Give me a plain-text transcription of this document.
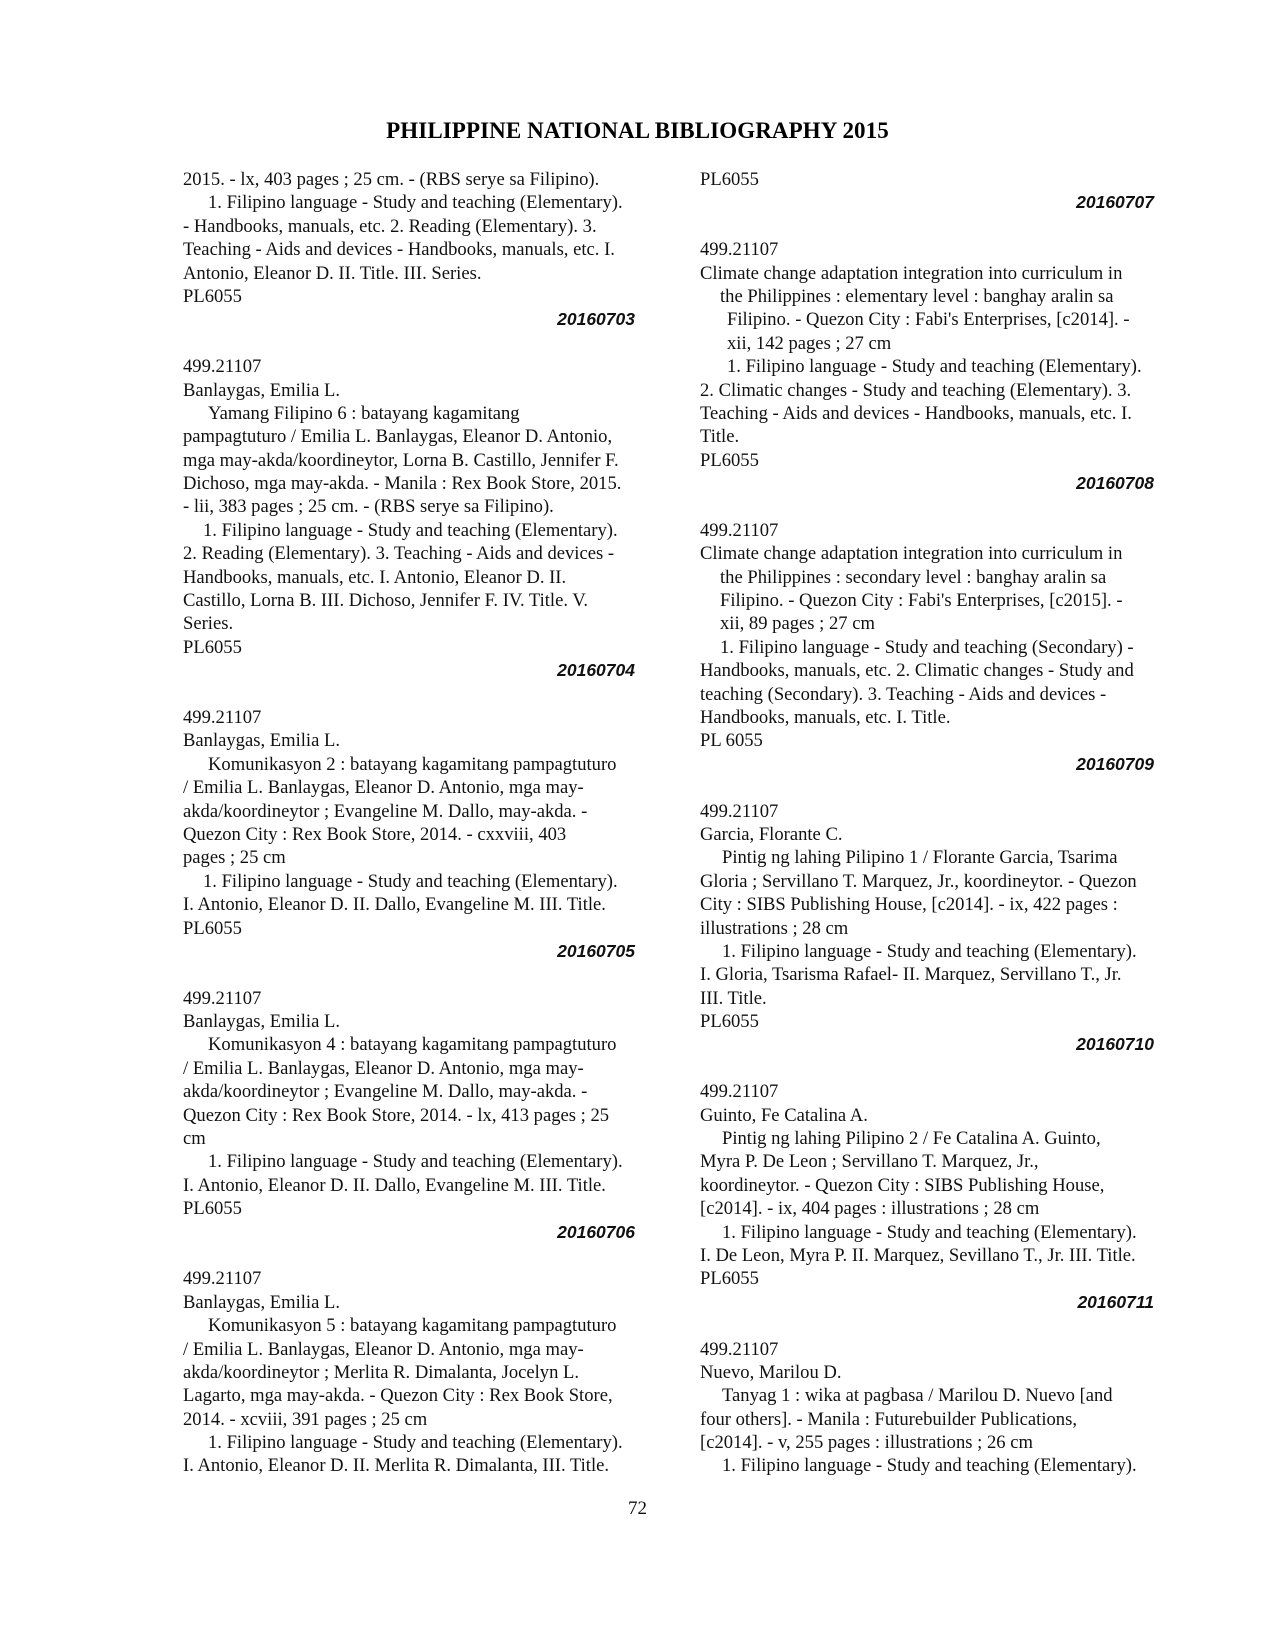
PHILIPPINE NATIONAL BIBLIOGRAPHY 2015
2015. - lx, 403 pages ; 25 cm. - (RBS serye sa Filipino).
1. Filipino language - Study and teaching (Elementary).
- Handbooks, manuals, etc. 2. Reading (Elementary). 3.
Teaching - Aids and devices - Handbooks, manuals, etc. I.
Antonio, Eleanor D. II. Title. III. Series.
PL6055
20160703
499.21107
Banlaygas, Emilia L.
Yamang Filipino 6 : batayang kagamitang
pampagtuturo / Emilia L. Banlaygas, Eleanor D. Antonio,
mga may-akda/koordineytor, Lorna B. Castillo, Jennifer F.
Dichoso, mga may-akda. - Manila : Rex Book Store, 2015.
- lii, 383 pages ; 25 cm. - (RBS serye sa Filipino).
1. Filipino language - Study and teaching (Elementary).
2. Reading (Elementary). 3. Teaching - Aids and devices -
Handbooks, manuals, etc. I. Antonio, Eleanor D. II.
Castillo, Lorna B. III. Dichoso, Jennifer F. IV. Title. V.
Series.
PL6055
20160704
499.21107
Banlaygas, Emilia L.
Komunikasyon 2 : batayang kagamitang pampagtuturo
/ Emilia L. Banlaygas, Eleanor D. Antonio, mga may-
akda/koordineytor ; Evangeline M. Dallo, may-akda. -
Quezon City : Rex Book Store, 2014. - cxxviii, 403
pages ; 25 cm
1. Filipino language - Study and teaching (Elementary).
I. Antonio, Eleanor D. II. Dallo, Evangeline M. III. Title.
PL6055
20160705
499.21107
Banlaygas, Emilia L.
Komunikasyon 4 : batayang kagamitang pampagtuturo
/ Emilia L. Banlaygas, Eleanor D. Antonio, mga may-
akda/koordineytor ; Evangeline M. Dallo, may-akda. -
Quezon City : Rex Book Store, 2014. - lx, 413 pages ; 25
cm
1. Filipino language - Study and teaching (Elementary).
I. Antonio, Eleanor D. II. Dallo, Evangeline M. III. Title.
PL6055
20160706
499.21107
Banlaygas, Emilia L.
Komunikasyon 5 : batayang kagamitang pampagtuturo
/ Emilia L. Banlaygas, Eleanor D. Antonio, mga may-
akda/koordineytor ; Merlita R. Dimalanta, Jocelyn L.
Lagarto, mga may-akda. - Quezon City : Rex Book Store,
2014. - xcviii, 391 pages ; 25 cm
1. Filipino language - Study and teaching (Elementary).
I. Antonio, Eleanor D. II. Merlita R. Dimalanta, III. Title.
PL6055
20160707
499.21107
Climate change adaptation integration into curriculum in
the Philippines : elementary level : banghay aralin sa
Filipino. - Quezon City : Fabi's Enterprises, [c2014]. -
xii, 142 pages ; 27 cm
1. Filipino language - Study and teaching (Elementary).
2. Climatic changes - Study and teaching (Elementary). 3.
Teaching - Aids and devices - Handbooks, manuals, etc. I.
Title.
PL6055
20160708
499.21107
Climate change adaptation integration into curriculum in
the Philippines : secondary level : banghay aralin sa
Filipino. - Quezon City : Fabi's Enterprises, [c2015]. -
xii, 89 pages ; 27 cm
1. Filipino language - Study and teaching (Secondary) -
Handbooks, manuals, etc. 2. Climatic changes - Study and
teaching (Secondary). 3. Teaching - Aids and devices -
Handbooks, manuals, etc. I. Title.
PL 6055
20160709
499.21107
Garcia, Florante C.
Pintig ng lahing Pilipino 1 / Florante Garcia, Tsarima
Gloria ; Servillano T. Marquez, Jr., koordineytor. - Quezon
City : SIBS Publishing House, [c2014]. - ix, 422 pages :
illustrations ; 28 cm
1. Filipino language - Study and teaching (Elementary).
I. Gloria, Tsarisma Rafael- II. Marquez, Servillano T., Jr.
III. Title.
PL6055
20160710
499.21107
Guinto, Fe Catalina A.
Pintig ng lahing Pilipino 2 / Fe Catalina A. Guinto,
Myra P. De Leon ; Servillano T. Marquez, Jr.,
koordineytor. - Quezon City : SIBS Publishing House,
[c2014]. - ix, 404 pages : illustrations ; 28 cm
1. Filipino language - Study and teaching (Elementary).
I. De Leon, Myra P. II. Marquez, Sevillano T., Jr. III. Title.
PL6055
20160711
499.21107
Nuevo, Marilou D.
Tanyag 1 : wika at pagbasa / Marilou D. Nuevo [and
four others]. - Manila : Futurebuilder Publications,
[c2014]. - v, 255 pages : illustrations ; 26 cm
1. Filipino language - Study and teaching (Elementary).
72
